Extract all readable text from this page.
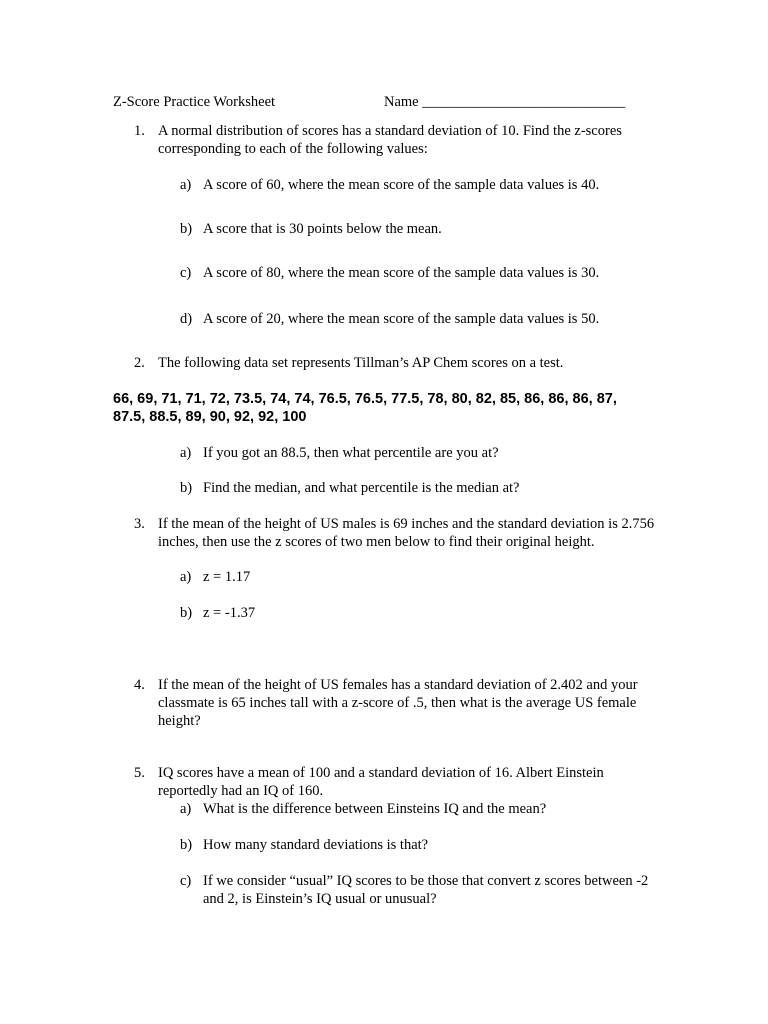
Z-Score Practice Worksheet	Name ____________________________
1. A normal distribution of scores has a standard deviation of 10. Find the z-scores corresponding to each of the following values:
a) A score of 60, where the mean score of the sample data values is 40.
b) A score that is 30 points below the mean.
c) A score of 80, where the mean score of the sample data values is 30.
d) A score of 20, where the mean score of the sample data values is 50.
2. The following data set represents Tillman’s AP Chem scores on a test.
66, 69, 71, 71, 72, 73.5, 74, 74, 76.5, 76.5, 77.5, 78, 80, 82, 85, 86, 86, 86, 87, 87.5, 88.5, 89, 90, 92, 92, 100
a) If you got an 88.5, then what percentile are you at?
b) Find the median, and what percentile is the median at?
3. If the mean of the height of US males is 69 inches and the standard deviation is 2.756 inches, then use the z scores of two men below to find their original height.
a) z = 1.17
b) z = -1.37
4. If the mean of the height of US females has a standard deviation of 2.402 and your classmate is 65 inches tall with a z-score of .5, then what is the average US female height?
5. IQ scores have a mean of 100 and a standard deviation of 16. Albert Einstein reportedly had an IQ of 160.
a) What is the difference between Einsteins IQ and the mean?
b) How many standard deviations is that?
c) If we consider “usual” IQ scores to be those that convert z scores between -2 and 2, is Einstein’s IQ usual or unusual?
